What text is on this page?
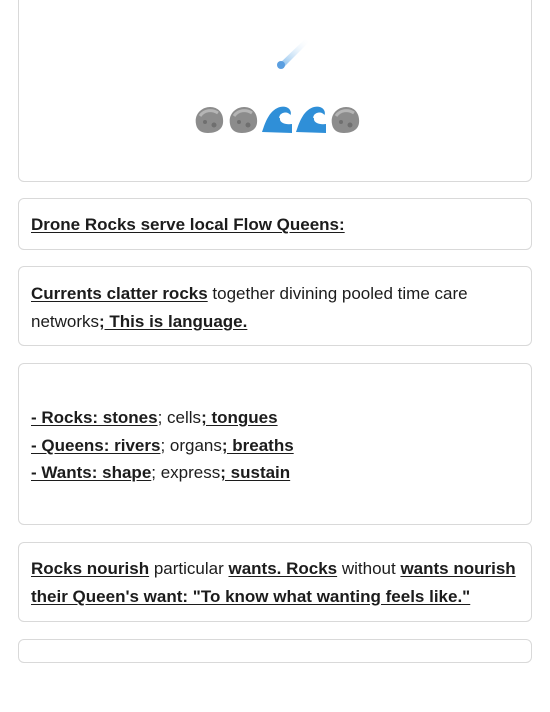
Drone Rocks serve local Flow Queens:
Currents clatter rocks together divining pooled time care networks; This is language.
- Rocks: stones; cells; tongues
- Queens: rivers; organs; breaths
- Wants: shape; express; sustain
Rocks nourish particular wants. Rocks without wants nourish their Queen's want: "To know what wanting feels like."
